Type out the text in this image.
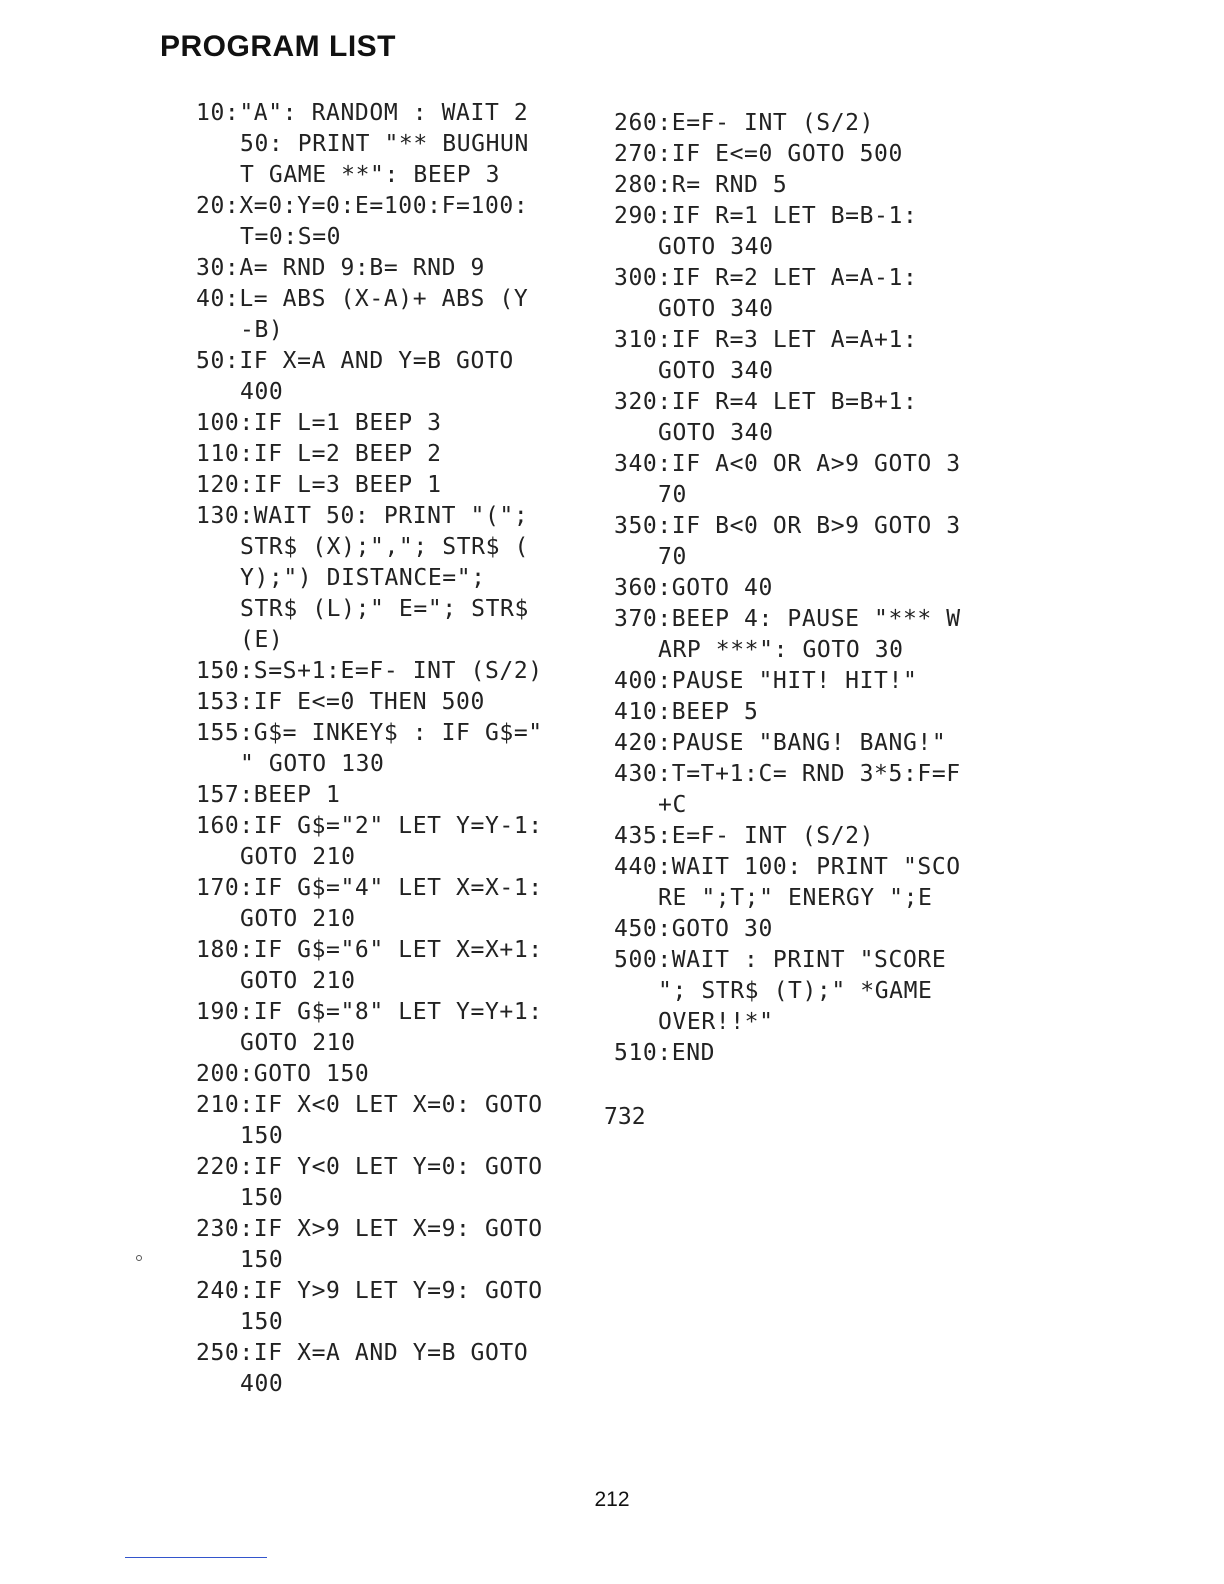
PROGRAM LIST
10:"A": RANDOM : WAIT 2
50: PRINT "** BUGHUN
T GAME **": BEEP 3
20:X=0:Y=0:E=100:F=100:
T=0:S=0
30:A= RND 9:B= RND 9
40:L= ABS (X-A)+ ABS (Y
-B)
50:IF X=A AND Y=B GOTO
400
100:IF L=1 BEEP 3
110:IF L=2 BEEP 2
120:IF L=3 BEEP 1
130:WAIT 50: PRINT "(";
STR$ (X);","; STR$ (
Y);") DISTANCE=";
STR$ (L);" E="; STR$
(E)
150:S=S+1:E=F- INT (S/2)
153:IF E<=0 THEN 500
155:G$= INKEY$ : IF G$="
" GOTO 130
157:BEEP 1
160:IF G$="2" LET Y=Y-1:
GOTO 210
170:IF G$="4" LET X=X-1:
GOTO 210
180:IF G$="6" LET X=X+1:
GOTO 210
190:IF G$="8" LET Y=Y+1:
GOTO 210
200:GOTO 150
210:IF X<0 LET X=0: GOTO
150
220:IF Y<0 LET Y=0: GOTO
150
230:IF X>9 LET X=9: GOTO
150
240:IF Y>9 LET Y=9: GOTO
150
250:IF X=A AND Y=B GOTO
400
260:E=F- INT (S/2)
270:IF E<=0 GOTO 500
280:R= RND 5
290:IF R=1 LET B=B-1:
GOTO 340
300:IF R=2 LET A=A-1:
GOTO 340
310:IF R=3 LET A=A+1:
GOTO 340
320:IF R=4 LET B=B+1:
GOTO 340
340:IF A<0 OR A>9 GOTO 3
70
350:IF B<0 OR B>9 GOTO 3
70
360:GOTO 40
370:BEEP 4: PAUSE "*** W
ARP ***": GOTO 30
400:PAUSE "HIT! HIT!"
410:BEEP 5
420:PAUSE "BANG! BANG!"
430:T=T+1:C= RND 3*5:F=F
+C
435:E=F- INT (S/2)
440:WAIT 100: PRINT "SCO
RE ";T;" ENERGY ";E
450:GOTO 30
500:WAIT : PRINT "SCORE
"; STR$ (T);" *GAME
OVER!!*"
510:END
732
212
